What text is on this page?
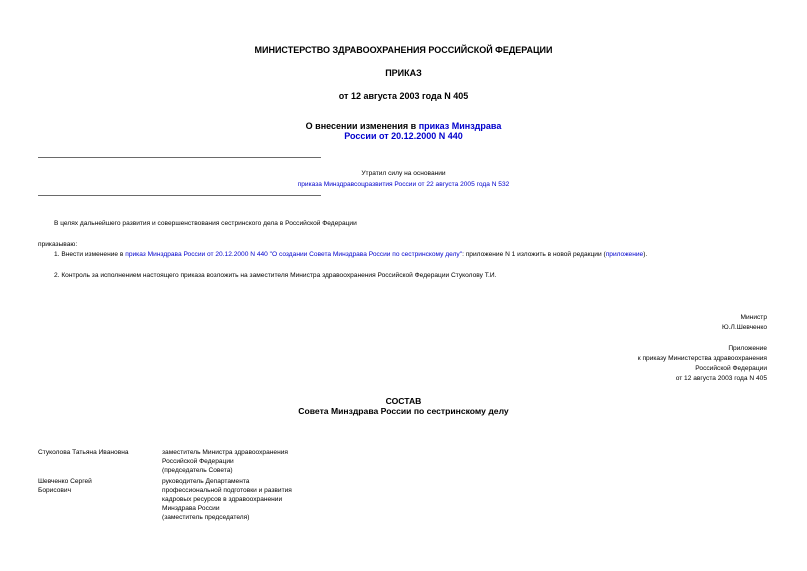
МИНИСТЕРСТВО ЗДРАВООХРАНЕНИЯ РОССИЙСКОЙ ФЕДЕРАЦИИ
ПРИКАЗ
от 12 августа 2003 года N 405
О внесении изменения в приказ Минздрава
России от 20.12.2000 N 440
Утратил силу на основании
приказа Минздравсоцразвития России от 22 августа 2005 года N 532
В целях дальнейшего развития и совершенствования сестринского дела в Российской Федерации
приказываю:
1. Внести изменение в приказ Минздрава России от 20.12.2000 N 440 "О создании Совета Минздрава России по сестринскому делу": приложение N 1 изложить в новой редакции (приложение).
2. Контроль за исполнением настоящего приказа возложить на заместителя Министра здравоохранения Российской Федерации Стуколову Т.И.
Министр
Ю.Л.Шевченко
Приложение
к приказу Министерства здравоохранения
Российской Федерации
от 12 августа 2003 года N 405
СОСТАВ
Совета Минздрава России по сестринскому делу
Стуколова Татьяна Ивановна	заместитель Министра здравоохранения
Российской Федерации
(председатель Совета)
Шевченко Сергей
Борисович
руководитель Департамента
профессиональной подготовки и развития
кадровых ресурсов в здравоохранении
Минздрава России
(заместитель председателя)
